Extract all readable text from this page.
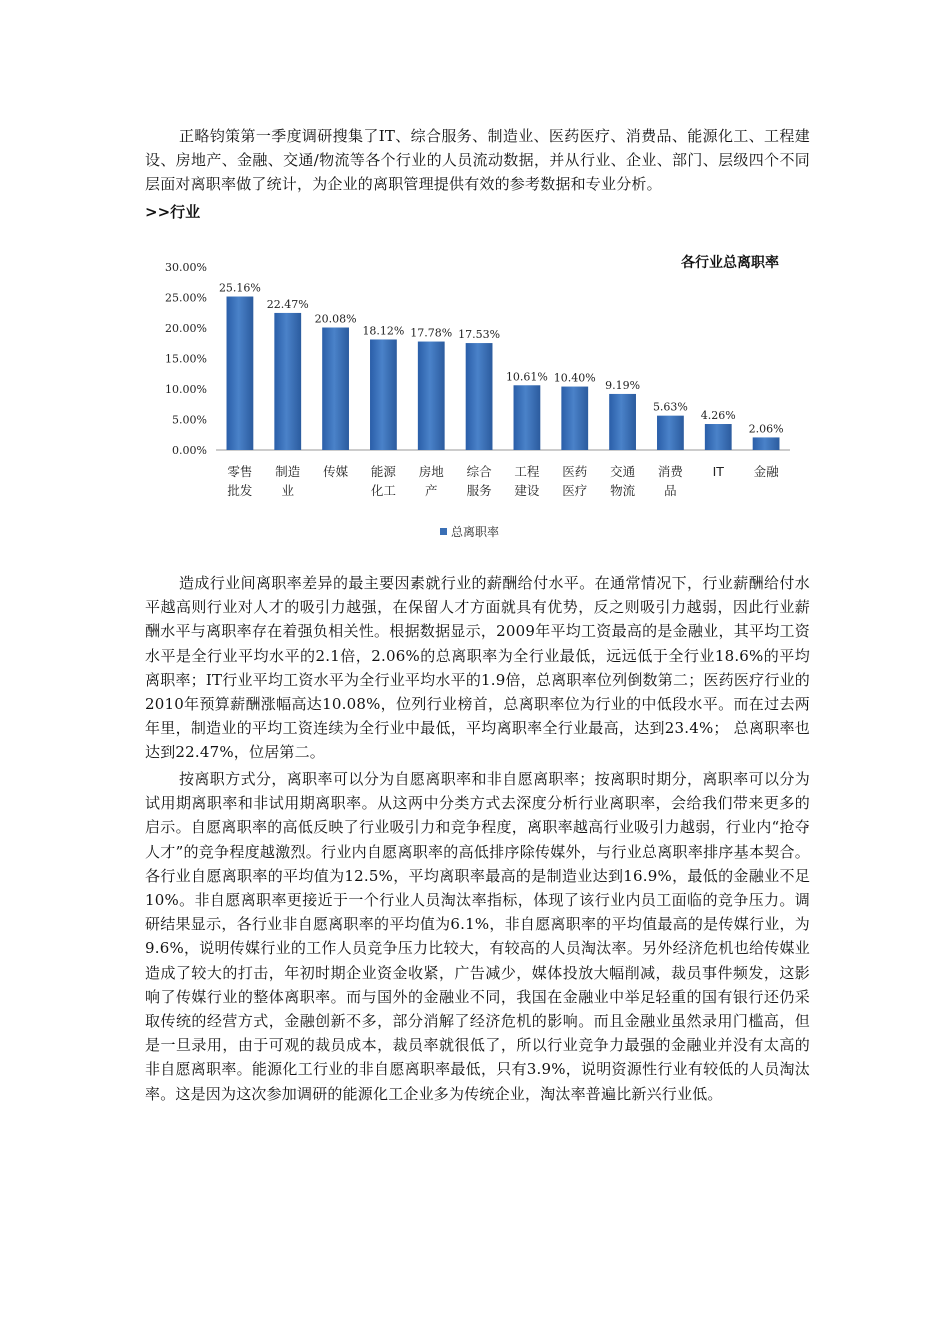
正略钧策第一季度调研搜集了IT、综合服务、制造业、医药医疗、消费品、能源化工、工程建设、房地产、金融、交通/物流等各个行业的人员流动数据，并从行业、企业、部门、层级四个不同层面对离职率做了统计，为企业的离职管理提供有效的参考数据和专业分析。

>>行业

各行业总离职率
0.00%
5.00%
10.00%
15.00%
20.00%
25.00%
30.00%
25.16%
零售
批发
22.47%
制造
业
20.08%
传媒
18.12%
能源
化工
17.78%
房地
产
17.53%
综合
服务
10.61%
工程
建设
10.40%
医药
医疗
9.19%
交通
物流
5.63%
消费
品
4.26%
IT
2.06%
金融
总离职率

造成行业间离职率差异的最主要因素就行业的薪酬给付水平。在通常情况下，行业薪酬给付水平越高则行业对人才的吸引力越强，在保留人才方面就具有优势，反之则吸引力越弱，因此行业薪酬水平与离职率存在着强负相关性。根据数据显示，2009年平均工资最高的是金融业，其平均工资水平是全行业平均水平的2.1倍，2.06%的总离职率为全行业最低，远远低于全行业18.6%的平均离职率；IT行业平均工资水平为全行业平均水平的1.9倍，总离职率位列倒数第二；医药医疗行业的2010年预算薪酬涨幅高达10.08%，位列行业榜首，总离职率位为行业的中低段水平。而在过去两年里，制造业的平均工资连续为全行业中最低，平均离职率全行业最高，达到23.4%； 总离职率也达到22.47%，位居第二。

按离职方式分，离职率可以分为自愿离职率和非自愿离职率；按离职时期分，离职率可以分为试用期离职率和非试用期离职率。从这两中分类方式去深度分析行业离职率，会给我们带来更多的启示。自愿离职率的高低反映了行业吸引力和竞争程度，离职率越高行业吸引力越弱，行业内“抢夺人才”的竞争程度越激烈。行业内自愿离职率的高低排序除传媒外，与行业总离职率排序基本契合。各行业自愿离职率的平均值为12.5%，平均离职率最高的是制造业达到16.9%，最低的金融业不足10%。非自愿离职率更接近于一个行业人员淘汰率指标，体现了该行业内员工面临的竞争压力。调研结果显示，各行业非自愿离职率的平均值为6.1%，非自愿离职率的平均值最高的是传媒行业，为9.6%，说明传媒行业的工作人员竞争压力比较大，有较高的人员淘汰率。另外经济危机也给传媒业造成了较大的打击，年初时期企业资金收紧，广告减少，媒体投放大幅削减，裁员事件频发，这影响了传媒行业的整体离职率。而与国外的金融业不同，我国在金融业中举足轻重的国有银行还仍采取传统的经营方式，金融创新不多，部分消解了经济危机的影响。而且金融业虽然录用门槛高，但是一旦录用，由于可观的裁员成本，裁员率就很低了，所以行业竞争力最强的金融业并没有太高的非自愿离职率。能源化工行业的非自愿离职率最低，只有3.9%，说明资源性行业有较低的人员淘汰率。这是因为这次参加调研的能源化工企业多为传统企业，淘汰率普遍比新兴行业低。
